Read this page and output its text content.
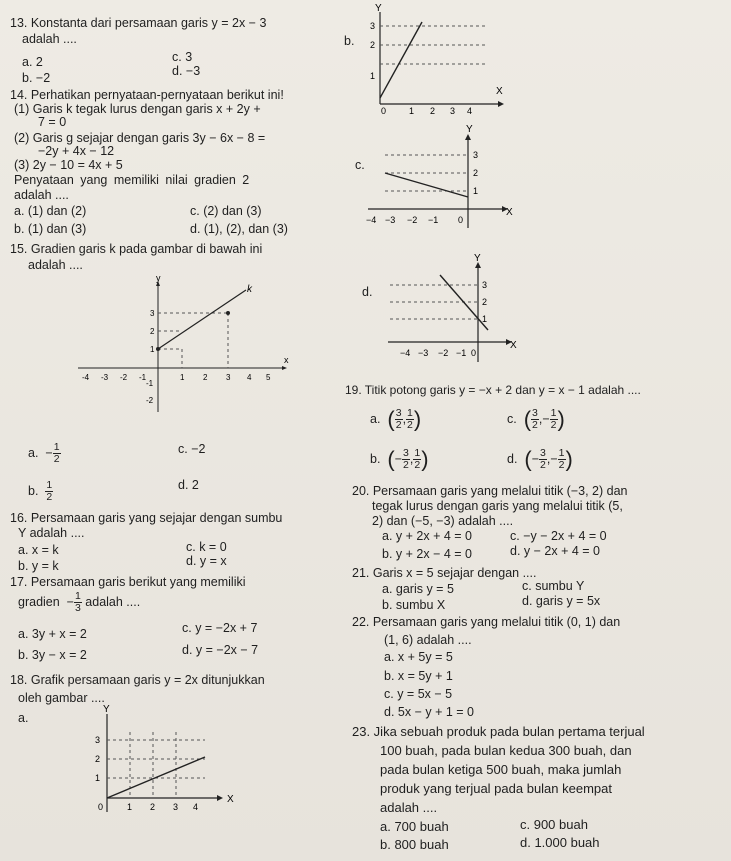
13. Konstanta dari persamaan garis y = 2x − 3
adalah ....
a. 2
b. −2
c. 3
d. −3
14. Perhatikan pernyataan-pernyataan berikut ini!
(1) Garis k tegak lurus dengan garis x + 2y +
7 = 0
(2) Garis g sejajar dengan garis 3y − 6x − 8 =
−2y + 4x − 12
(3) 2y − 10 = 4x + 5
Penyataan yang memiliki nilai gradien 2
adalah ....
a. (1) dan (2)
b. (1) dan (3)
c. (2) dan (3)
d. (1), (2), dan (3)
b.
Y
X
3
2
1
0	1 2 3 4
c.
Y
X
3
2
1
−4 −3 −2 −1 0
d.
Y
X
3
2
1
−4 −3 −2 −1 0
15. Gradien garis k pada gambar di bawah ini
adalah ....
k
y
x
3
2
1
-1
-2
-4 -3 -2 -1	1 2 3 4 5
a. − $\frac{1}{2}$
b. $\frac{1}{2}$
c. −2
d. 2
16. Persamaan garis yang sejajar dengan sumbu
Y adalah ....
a. x = k
b. y = k
c. k = 0
d. y = x
17. Persamaan garis berikut yang memiliki
gradien − $\frac{1}{3}$ adalah ....
a. 3y + x = 2
b. 3y − x = 2
c. y = −2x + 7
d. y = −2x − 7
18. Grafik persamaan garis y = 2x ditunjukkan
oleh gambar ....
a.
Y
X
3
2
1
0	1 2 3 4
19. Titik potong garis y = −x + 2 dan y = x − 1 adalah ....
a. ( $\frac{3}{2}$ , $\frac{1}{2}$ )
b. (− $\frac{3}{2}$ , $\frac{1}{2}$ )
c. ( $\frac{3}{2}$ ,− $\frac{1}{2}$ )
d. (− $\frac{3}{2}$ ,− $\frac{1}{2}$ )
20. Persamaan garis yang melalui titik (−3, 2) dan
tegak lurus dengan garis yang melalui titik (5,
2) dan (−5, −3) adalah ....
a. y + 2x + 4 = 0
b. y + 2x − 4 = 0
c. −y − 2x + 4 = 0
d. y − 2x + 4 = 0
21. Garis x = 5 sejajar dengan ....
a. garis y = 5
b. sumbu X
c. sumbu Y
d. garis y = 5x
22. Persamaan garis yang melalui titik (0, 1) dan
(1, 6) adalah ....
a. x + 5y = 5
b. x = 5y + 1
c. y = 5x − 5
d. 5x − y + 1 = 0
23. Jika sebuah produk pada bulan pertama terjual
100 buah, pada bulan kedua 300 buah, dan
pada bulan ketiga 500 buah, maka jumlah
produk yang terjual pada bulan keempat
adalah ....
a. 700 buah
b. 800 buah
c. 900 buah
d. 1.000 buah
